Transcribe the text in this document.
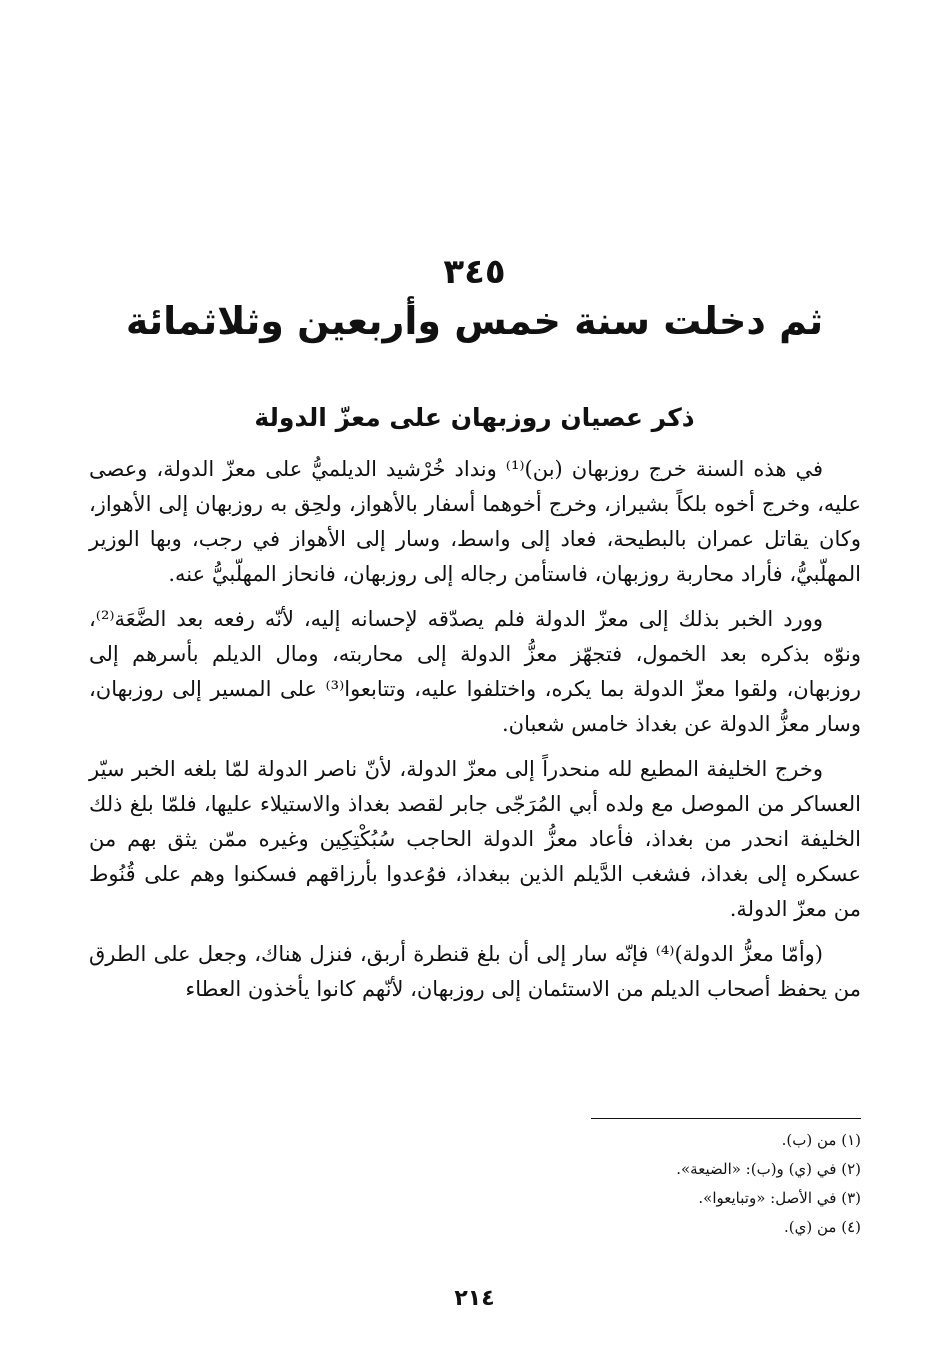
٣٤٥
ثم دخلت سنة خمس وأربعين وثلاثمائة
ذكر عصيان روزبهان على معزّ الدولة

في هذه السنة خرج روزبهان (بن)⁽¹⁾ ونداد خُرْشيد الديلميُّ على معزّ الدولة، وعصى عليه، وخرج أخوه بلكاً بشيراز، وخرج أخوهما أسفار بالأهواز، ولحِق به روزبهان إلى الأهواز، وكان يقاتل عمران بالبطيحة، فعاد إلى واسط، وسار إلى الأهواز في رجب، وبها الوزير المهلّبيُّ، فأراد محاربة روزبهان، فاستأمن رجاله إلى روزبهان، فانحاز المهلّبيُّ عنه.

وورد الخبر بذلك إلى معزّ الدولة فلم يصدّقه لإحسانه إليه، لأنّه رفعه بعد الضَّعَة⁽²⁾، ونوّه بذكره بعد الخمول، فتجهّز معزُّ الدولة إلى محاربته، ومال الديلم بأسرهم إلى روزبهان، ولقوا معزّ الدولة بما يكره، واختلفوا عليه، وتتابعوا⁽³⁾ على المسير إلى روزبهان، وسار معزُّ الدولة عن بغداذ خامس شعبان.

وخرج الخليفة المطيع لله منحدراً إلى معزّ الدولة، لأنّ ناصر الدولة لمّا بلغه الخبر سيّر العساكر من الموصل مع ولده أبي المُرَجّى جابر لقصد بغداذ والاستيلاء عليها، فلمّا بلغ ذلك الخليفة انحدر من بغداذ، فأعاد معزُّ الدولة الحاجب سُبُكْتِكِين وغيره ممّن يثق بهم من عسكره إلى بغداذ، فشغب الدَّيلم الذين ببغداذ، فوُعدوا بأرزاقهم فسكنوا وهم على قُنُوط من معزّ الدولة.

(وأمّا معزُّ الدولة)⁽⁴⁾ فإنّه سار إلى أن بلغ قنطرة أربق، فنزل هناك، وجعل على الطرق من يحفظ أصحاب الديلم من الاستئمان إلى روزبهان، لأنّهم كانوا يأخذون العطاء

(١) من (ب).
(٢) في (ي) و(ب): «الضيعة».
(٣) في الأصل: «وتبايعوا».
(٤) من (ي).
٢١٤
